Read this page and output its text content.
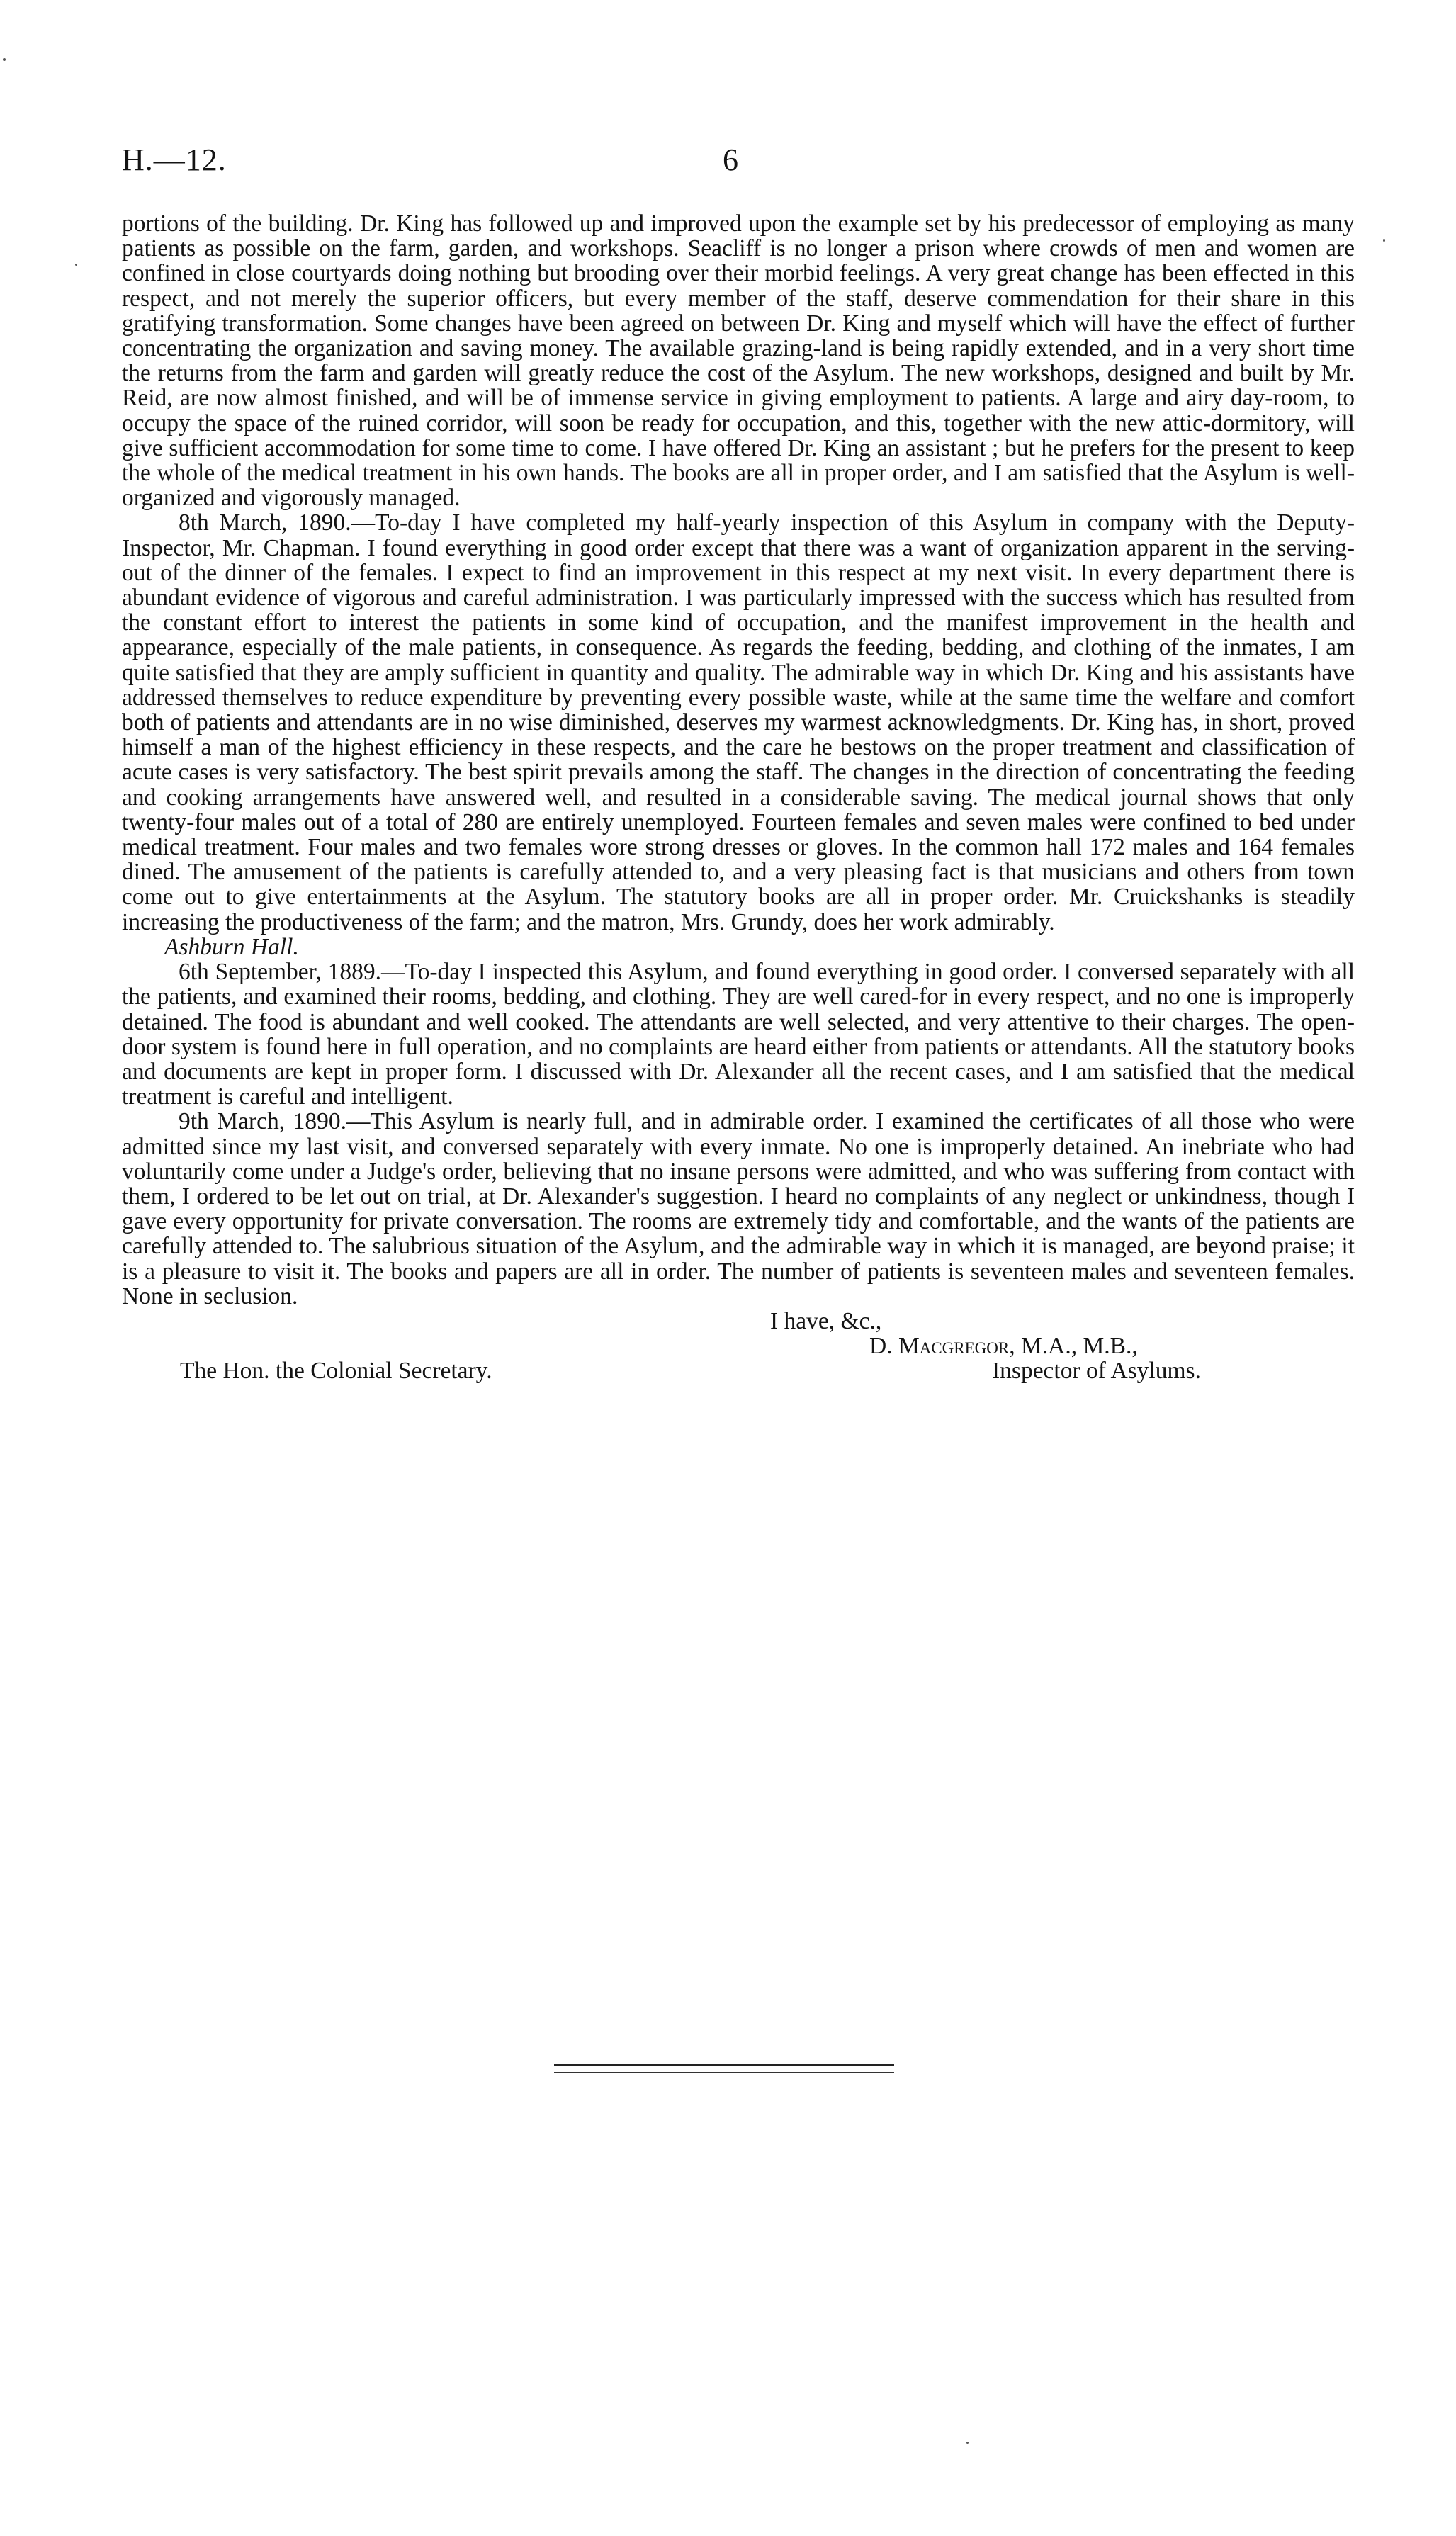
H.—12.	6

portions of the building. Dr. King has followed up and improved upon the example set by his predecessor of employing as many patients as possible on the farm, garden, and workshops. Seacliff is no longer a prison where crowds of men and women are confined in close courtyards doing nothing but brooding over their morbid feelings. A very great change has been effected in this respect, and not merely the superior officers, but every member of the staff, deserve commendation for their share in this gratifying transformation. Some changes have been agreed on between Dr. King and myself which will have the effect of further concentrating the organization and saving money. The available grazing-land is being rapidly extended, and in a very short time the returns from the farm and garden will greatly reduce the cost of the Asylum. The new workshops, designed and built by Mr. Reid, are now almost finished, and will be of immense service in giving employment to patients. A large and airy day-room, to occupy the space of the ruined corridor, will soon be ready for occupation, and this, together with the new attic-dormitory, will give sufficient accommodation for some time to come. I have offered Dr. King an assistant ; but he prefers for the present to keep the whole of the medical treatment in his own hands. The books are all in proper order, and I am satisfied that the Asylum is well-organized and vigorously managed.

8th March, 1890.—To-day I have completed my half-yearly inspection of this Asylum in company with the Deputy-Inspector, Mr. Chapman. I found everything in good order except that there was a want of organization apparent in the serving-out of the dinner of the females. I expect to find an improvement in this respect at my next visit. In every department there is abundant evidence of vigorous and careful administration. I was particularly impressed with the success which has resulted from the constant effort to interest the patients in some kind of occupation, and the manifest improvement in the health and appearance, especially of the male patients, in consequence. As regards the feeding, bedding, and clothing of the inmates, I am quite satisfied that they are amply sufficient in quantity and quality. The admirable way in which Dr. King and his assistants have addressed themselves to reduce expenditure by preventing every possible waste, while at the same time the welfare and comfort both of patients and attendants are in no wise diminished, deserves my warmest acknowledgments. Dr. King has, in short, proved himself a man of the highest efficiency in these respects, and the care he bestows on the proper treatment and classification of acute cases is very satisfactory. The best spirit prevails among the staff. The changes in the direction of concentrating the feeding and cooking arrangements have answered well, and resulted in a considerable saving. The medical journal shows that only twenty-four males out of a total of 280 are entirely unemployed. Fourteen females and seven males were confined to bed under medical treatment. Four males and two females wore strong dresses or gloves. In the common hall 172 males and 164 females dined. The amusement of the patients is carefully attended to, and a very pleasing fact is that musicians and others from town come out to give entertainments at the Asylum. The statutory books are all in proper order. Mr. Cruickshanks is steadily increasing the productiveness of the farm; and the matron, Mrs. Grundy, does her work admirably.

Ashburn Hall.

6th September, 1889.—To-day I inspected this Asylum, and found everything in good order. I conversed separately with all the patients, and examined their rooms, bedding, and clothing. They are well cared-for in every respect, and no one is improperly detained. The food is abundant and well cooked. The attendants are well selected, and very attentive to their charges. The open-door system is found here in full operation, and no complaints are heard either from patients or attendants. All the statutory books and documents are kept in proper form. I discussed with Dr. Alexander all the recent cases, and I am satisfied that the medical treatment is careful and intelligent.

9th March, 1890.—This Asylum is nearly full, and in admirable order. I examined the certificates of all those who were admitted since my last visit, and conversed separately with every inmate. No one is improperly detained. An inebriate who had voluntarily come under a Judge's order, believing that no insane persons were admitted, and who was suffering from contact with them, I ordered to be let out on trial, at Dr. Alexander's suggestion. I heard no complaints of any neglect or unkindness, though I gave every opportunity for private conversation. The rooms are extremely tidy and comfortable, and the wants of the patients are carefully attended to. The salubrious situation of the Asylum, and the admirable way in which it is managed, are beyond praise; it is a pleasure to visit it. The books and papers are all in order. The number of patients is seventeen males and seventeen females. None in seclusion.

I have, &c.,
D. Macgregor, M.A., M.B.,
The Hon. the Colonial Secretary.	Inspector of Asylums.
